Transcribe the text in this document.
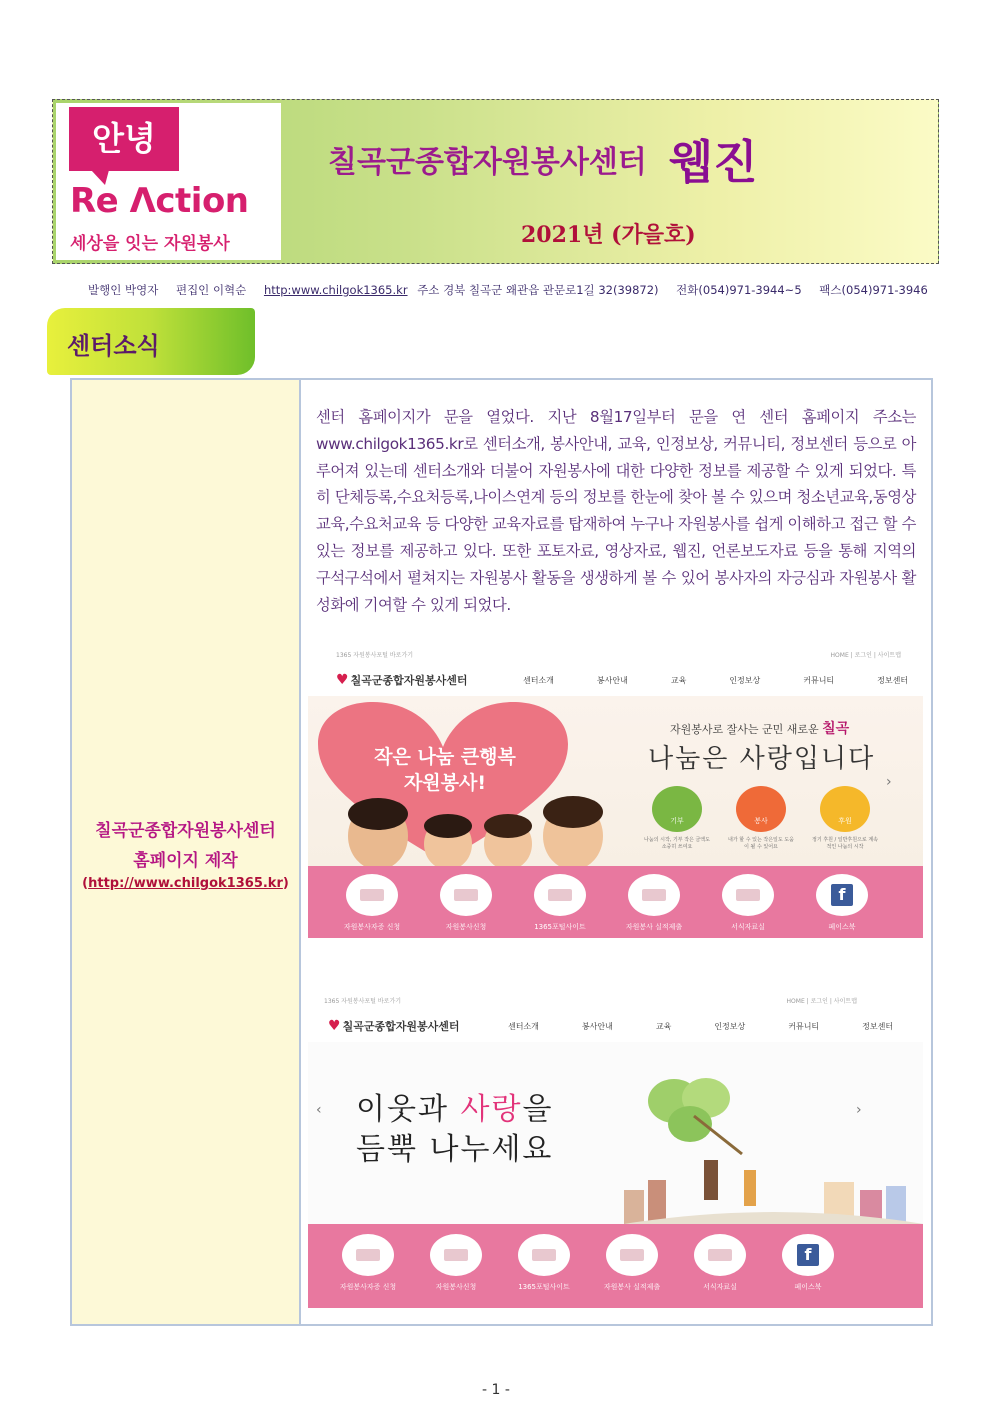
안녕
Re Λction
세상을 잇는 자원봉사
칠곡군종합자원봉사센터 웹진
2021년 (가을호)
발행인 박영자 편집인 이혁순 http:www.chilgok1365.kr 주소 경북 칠곡군 왜관읍 관문로1길 32(39872) 전화(054)971-3944~5 팩스(054)971-3946
센터소식
칠곡군종합자원봉사센터
홈페이지 제작
(http://www.chilgok1365.kr)
센터 홈페이지가 문을 열었다. 지난 8월17일부터 문을 연 센터 홈페이지 주소는 www.chilgok1365.kr로 센터소개, 봉사안내, 교육, 인정보상, 커뮤니티, 정보센터 등으로 아루어져 있는데 센터소개와 더불어 자원봉사에 대한 다양한 정보를 제공할 수 있게 되었다. 특히 단체등록,수요처등록,나이스연계 등의 정보를 한눈에 찾아 볼 수 있으며 청소년교육,동영상교육,수요처교육 등 다양한 교육자료를 탑재하여 누구나 자원봉사를 쉽게 이해하고 접근 할 수 있는 정보를 제공하고 있다. 또한 포토자료, 영상자료, 웹진, 언론보도자료 등을 통해 지역의 구석구석에서 펼쳐지는 자원봉사 활동을 생생하게 볼 수 있어 봉사자의 자긍심과 자원봉사 활성화에 기여할 수 있게 되었다.
1365 자원봉사포털 바로가기	HOME | 로그인 | 사이트맵
♥ 칠곡군종합자원봉사센터	센터소개	봉사안내	교육	인정보상	커뮤니티	정보센터
작은 나눔 큰행복
자원봉사!
자원봉사로 잘사는 군민 새로운 칠곡
나눔은 사랑입니다
기부	봉사	후원
나눔의 시작, 기부 작은 금액도 소중히 쓰여요
내가 할 수 있는 작은일도 도움이 될 수 있어요
정기 후원 / 일반후원으로 계속적인 나눔의 시작
›
자원봉사자증 신청	자원봉사신청	1365포털사이트	자원봉사 실적제출	서식자료실
f
페이스북
1365 자원봉사포털 바로가기	HOME | 로그인 | 사이트맵
♥ 칠곡군종합자원봉사센터	센터소개	봉사안내	교육	인정보상	커뮤니티	정보센터
이웃과 사랑을
듬뿍 나누세요
‹	›
자원봉사자증 신청	자원봉사신청	1365포털사이트	자원봉사 실적제출	서식자료실
f
페이스북
- 1 -
